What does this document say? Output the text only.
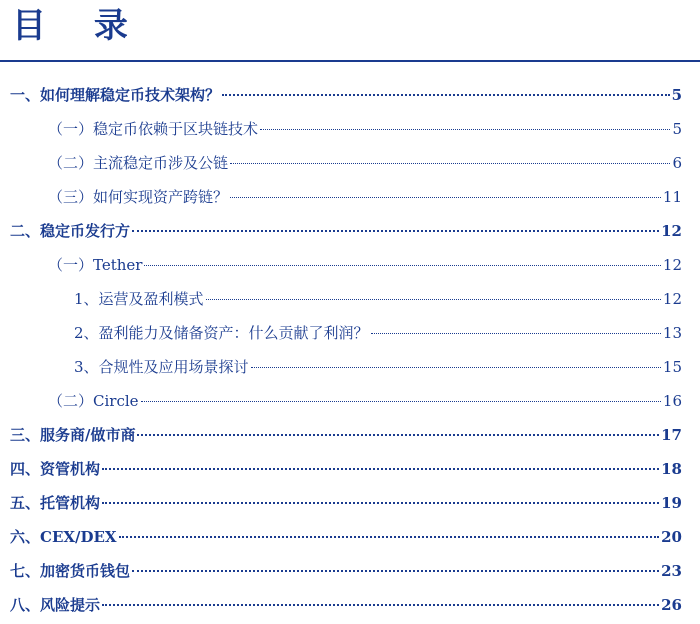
目 录
一、如何理解稳定币技术架构？	5
（一）稳定币依赖于区块链技术	5
（二）主流稳定币涉及公链	6
（三）如何实现资产跨链？	11
二、稳定币发行方	12
（一）Tether	12
1、运营及盈利模式	12
2、盈利能力及储备资产：什么贡献了利润？	13
3、合规性及应用场景探讨	15
（二）Circle	16
三、服务商/做市商	17
四、资管机构	18
五、托管机构	19
六、CEX/DEX	20
七、加密货币钱包	23
八、风险提示	26
